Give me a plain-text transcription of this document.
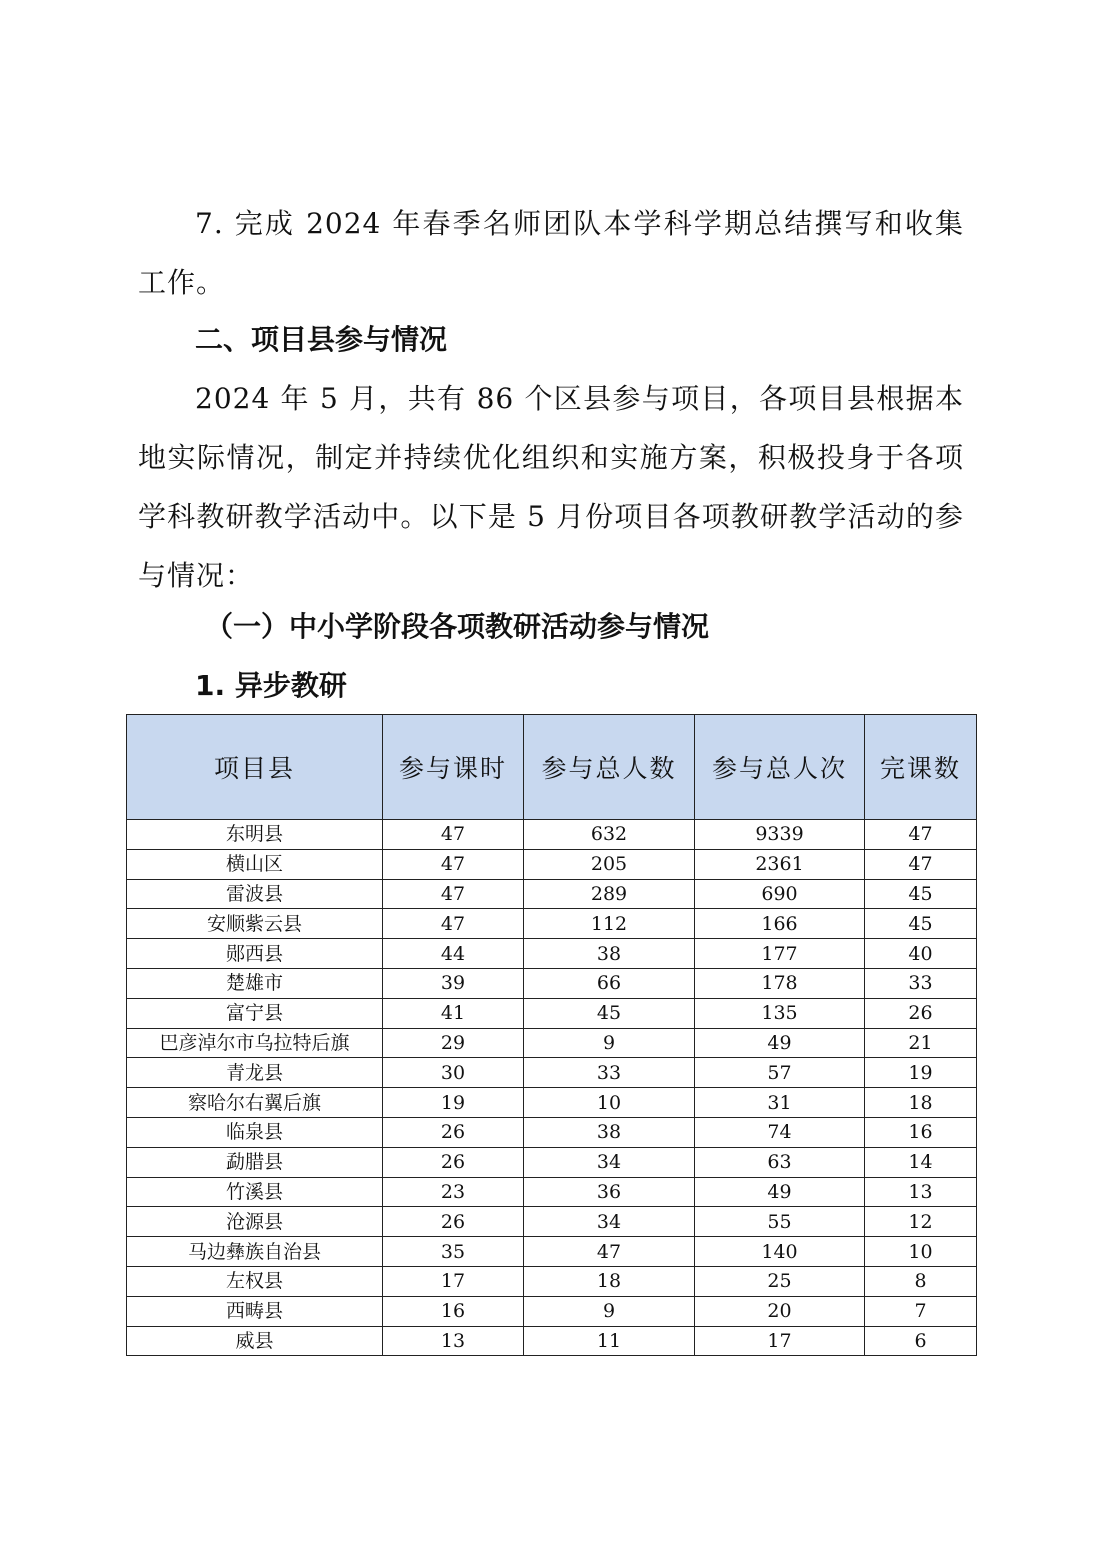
7. 完成 2024 年春季名师团队本学科学期总结撰写和收集工作。

二、项目县参与情况

2024 年 5 月，共有 86 个区县参与项目，各项目县根据本地实际情况，制定并持续优化组织和实施方案，积极投身于各项学科教研教学活动中。以下是 5 月份项目各项教研教学活动的参与情况：

（一）中小学阶段各项教研活动参与情况
1. 异步教研
项目县	参与课时	参与总人数	参与总人次	完课数
东明县	47	632	9339	47
横山区	47	205	2361	47
雷波县	47	289	690	45
安顺紫云县	47	112	166	45
郧西县	44	38	177	40
楚雄市	39	66	178	33
富宁县	41	45	135	26
巴彦淖尔市乌拉特后旗	29	9	49	21
青龙县	30	33	57	19
察哈尔右翼后旗	19	10	31	18
临泉县	26	38	74	16
勐腊县	26	34	63	14
竹溪县	23	36	49	13
沧源县	26	34	55	12
马边彝族自治县	35	47	140	10
左权县	17	18	25	8
西畴县	16	9	20	7
威县	13	11	17	6
